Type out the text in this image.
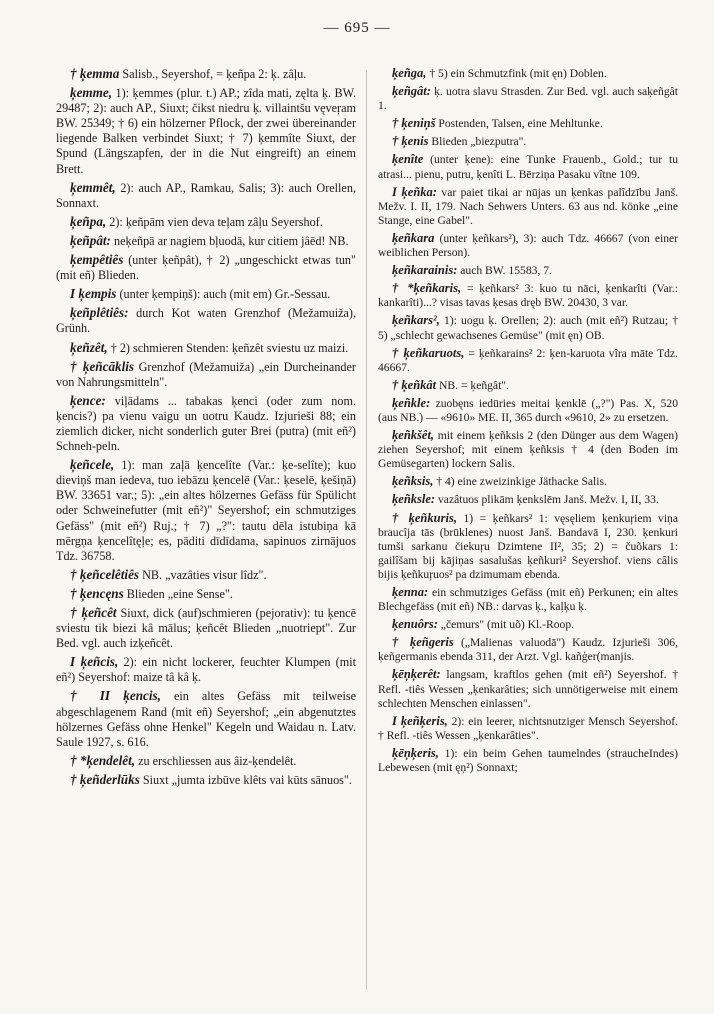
— 695 —

† ķemma Salisb., Seyershof, = ķeñpa 2: ķ. zâļu.

ķemme, 1): ķemmes (plur. t.) AP.; zîda mati, zęlta ķ. BW. 29487; 2): auch AP., Siuxt; čikst niedru ķ. villaintšu vęveŗam BW. 25349; † 6) ein hölzerner Pflock, der zwei übereinander liegende Balken verbindet Siuxt; † 7) ķemmîte Siuxt, der Spund (Längszapfen, der in die Nut eingreift) an einem Brett.

ķemmêt, 2): auch AP., Ramkau, Salis; 3): auch Orellen, Sonnaxt.

ķeñpa, 2): ķeñpām vien deva teļam zâļu Seyershof.

ķeñpât: neķeñpā ar nagiem bļuodā, kur citiem jâēd! NB.

ķempêtiês (unter ķeñpât), † 2) „ungeschickt etwas tun" (mit eñ) Blieden.

I ķempis (unter ķempiņš): auch (mit em) Gr.-Sessau.

ķeñplêtiês: durch Kot waten Grenzhof (Mežamuiža), Grünh.

ķeñzêt, † 2) schmieren Stenden: ķeñzêt sviestu uz maizi.

† ķeñcāklis Grenzhof (Mežamuiža) „ein Durcheinander von Nahrungsmitteln".

ķence: viļādams ... tabakas ķenci (oder zum nom. ķencis?) pa vienu vaigu un uotru Kaudz. Izjurieši 88; ein ziemlich dicker, nicht sonderlich guter Brei (putra) (mit eñ²) Schneh-peln.

ķeñcele, 1): man zaļā ķencelîte (Var.: ķe-selîte); kuo dieviņš man iedeva, tuo iebāzu ķencelē (Var.: ķeselē, ķešiņā) BW. 33651 var.; 5): „ein altes hölzernes Gefäss für Spülicht oder Schweinefutter (mit eñ²)" Seyershof; ein schmutziges Gefäss" (mit eñ²) Ruj.; † 7) „?": tautu dēla istubiņa kā mērgņa ķencelîtęļe; es, pāditi dīdīdama, sapinuos zirnājuos Tdz. 36758.

† ķeñcelêtiês NB. „vazâties visur lîdz".

† ķencęns Blieden „eine Sense".

† ķeñcêt Siuxt, dick (auf)schmieren (pejorativ): tu ķencē sviestu tik biezi kâ mālus; ķeñcêt Blieden „nuotriept". Zur Bed. vgl. auch izķeñcêt.

I ķeñcis, 2): ein nicht lockerer, feuchter Klumpen (mit eñ²) Seyershof: maize tâ kâ ķ.

† II ķencis, ein altes Gefäss mit teilweise abgeschlagenem Rand (mit eñ) Seyershof; „ein abgenutztes hölzernes Gefäss ohne Henkel" Kegeln und Waidau n. Latv. Saule 1927, s. 616.

† *ķendelêt, zu erschliessen aus âiz-ķendelêt.

† ķeñderlūks Siuxt „jumta izbūve klêts vai kūts sānuos".

ķeñga, † 5) ein Schmutzfink (mit ęn) Doblen.

ķeñgât: ķ. uotra slavu Strasden. Zur Bed. vgl. auch saķeñgât 1.

† ķeniņš Postenden, Talsen, eine Mehltunke.

† ķenis Blieden „biezputra".

ķenîte (unter ķene): eine Tunke Frauenb., Gold.; tur tu atrasi... pienu, putru, ķenîti L. Bērziņa Pasaku vîtne 109.

I ķeñka: var paiet tikai ar nūjas un ķenkas palîdzību Janš. Mežv. I. II, 179. Nach Sehwers Unters. 63 aus nd. könke „eine Stange, eine Gabel".

ķeñkara (unter ķeñkars²), 3): auch Tdz. 46667 (von einer weiblichen Person).

ķeñkarainis: auch BW. 15583, 7.

† *ķeñkaris, = ķeñkars² 3: kuo tu nāci, ķenkarîti (Var.: kankarîti)...? visas tavas ķesas dręb BW. 20430, 3 var.

ķeñkars², 1): uogu ķ. Orellen; 2): auch (mit eñ²) Rutzau; † 5) „schlecht gewachsenes Gemüse" (mit ęn) OB.

† ķeñkaruots, = ķeñkarains² 2: ķen-karuota vîra māte Tdz. 46667.

† ķeñkât NB. = ķeñgât".

ķeñkle: zuobęns iedūries meitai ķenklē („?") Pas. X, 520 (aus NB.) — «9610» ME. II, 365 durch «9610, 2» zu ersetzen.

ķeñkšêt, mit einem ķeñksis 2 (den Dünger aus dem Wagen) ziehen Seyershof; mit einem ķeñksis † 4 (den Boden im Gemüsegarten) lockern Salis.

ķeñksis, † 4) eine zweizinkige Jäthacke Salis.

ķeñksle: vazâtuos plikām ķenkslēm Janš. Mežv. I, II, 33.

† ķeñkuris, 1) = ķeñkars² 1: vęsęliem ķenkuŗiem viņa braucîja tās (brūklenes) nuost Janš. Bandavā I, 230. ķenkuri tumši sarkanu čiekuŗu Dzimtene II², 35; 2) = čuõkars 1: gailîšam bij kājiņas sasalušas ķeñkuri² Seyershof. viens câlis bijis ķeñkuŗuos² pa dzimumam ebenda.

ķenna: ein schmutziges Gefäss (mit eñ) Perkunen; ein altes Blechgefäss (mit eñ) NB.: darvas ķ., kaļķu ķ.

ķenuôrs: „čemurs" (mit uõ) Kl.-Roop.

† ķeñgeris („Malienas valuodā") Kaudz. Izjurieši 306, ķeñgermanis ebenda 311, der Arzt. Vgl. kañģer(manjis.

ķēņķerêt: langsam, kraftlos gehen (mit eñ²) Seyershof. † Refl. -tiês Wessen „ķenkarâties; sich unnötigerweise mit einem schlechten Menschen einlassen".

I ķeñķeris, 2): ein leerer, nichtsnutziger Mensch Seyershof. † Refl. -tiês Wessen „ķenkarâties".

ķēņķeris, 1): ein beim Gehen taumelndes (straucheIndes) Lebewesen (mit ęņ²) Sonnaxt;
